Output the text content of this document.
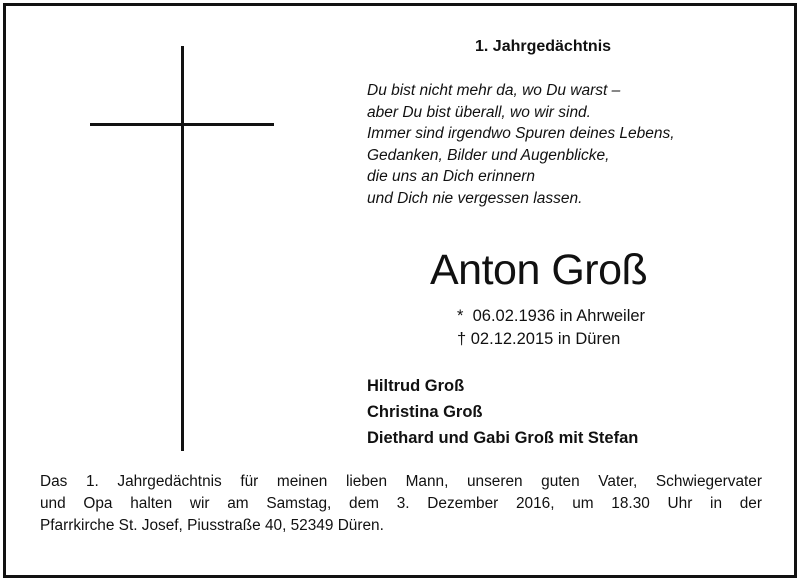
1. Jahrgedächtnis
Du bist nicht mehr da, wo Du warst –
aber Du bist überall, wo wir sind.
Immer sind irgendwo Spuren deines Lebens,
Gedanken, Bilder und Augenblicke,
die uns an Dich erinnern
und Dich nie vergessen lassen.
Anton Groß
*  06.02.1936 in Ahrweiler
† 02.12.2015 in Düren
Hiltrud Groß
Christina Groß
Diethard und Gabi Groß mit Stefan
Das 1. Jahrgedächtnis für meinen lieben Mann, unseren guten Vater, Schwiegervater
und Opa halten wir am Samstag, dem 3. Dezember 2016, um 18.30 Uhr in der
Pfarrkirche St. Josef, Piusstraße 40, 52349 Düren.
